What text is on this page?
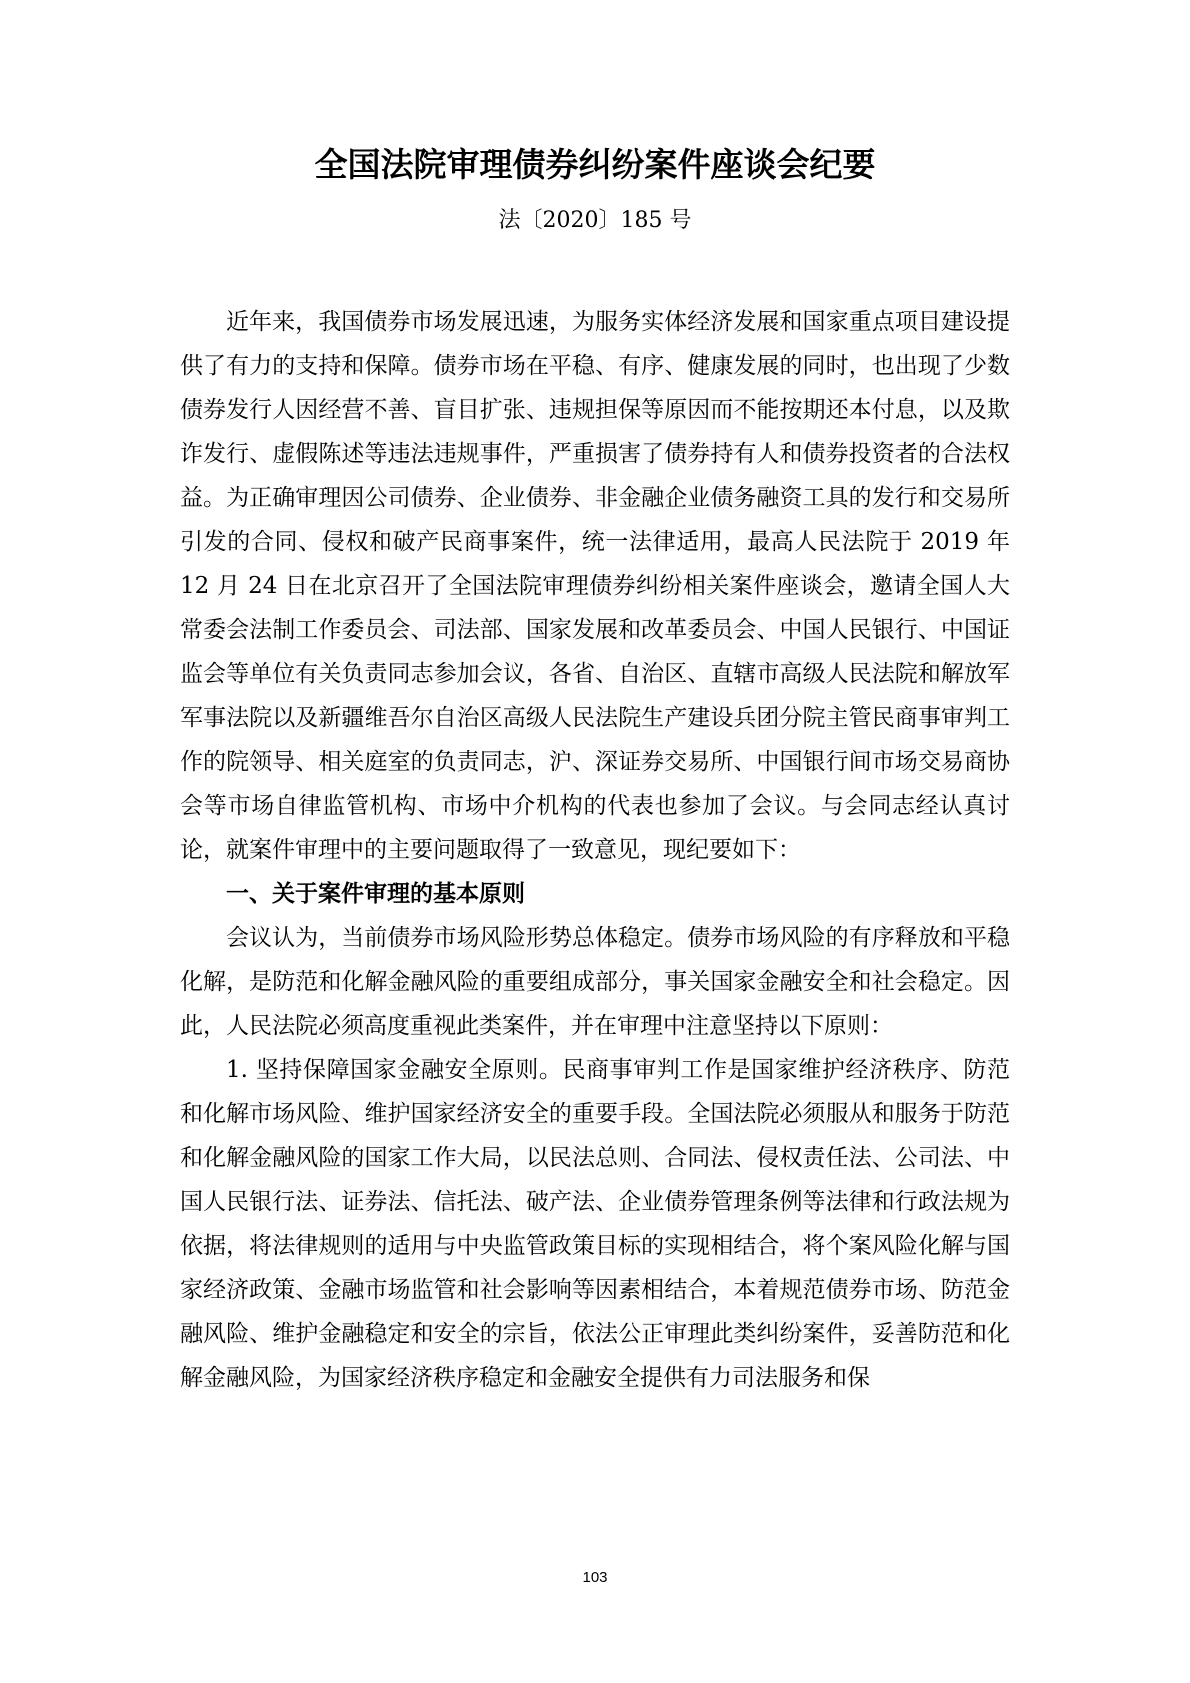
全国法院审理债券纠纷案件座谈会纪要
法〔2020〕185 号

近年来，我国债券市场发展迅速，为服务实体经济发展和国家重点项目建设提供了有力的支持和保障。债券市场在平稳、有序、健康发展的同时，也出现了少数债券发行人因经营不善、盲目扩张、违规担保等原因而不能按期还本付息，以及欺诈发行、虚假陈述等违法违规事件，严重损害了债券持有人和债券投资者的合法权益。为正确审理因公司债券、企业债券、非金融企业债务融资工具的发行和交易所引发的合同、侵权和破产民商事案件，统一法律适用，最高人民法院于 2019 年 12 月 24 日在北京召开了全国法院审理债券纠纷相关案件座谈会，邀请全国人大常委会法制工作委员会、司法部、国家发展和改革委员会、中国人民银行、中国证监会等单位有关负责同志参加会议，各省、自治区、直辖市高级人民法院和解放军军事法院以及新疆维吾尔自治区高级人民法院生产建设兵团分院主管民商事审判工作的院领导、相关庭室的负责同志，沪、深证券交易所、中国银行间市场交易商协会等市场自律监管机构、市场中介机构的代表也参加了会议。与会同志经认真讨论，就案件审理中的主要问题取得了一致意见，现纪要如下：

一、关于案件审理的基本原则

会议认为，当前债券市场风险形势总体稳定。债券市场风险的有序释放和平稳化解，是防范和化解金融风险的重要组成部分，事关国家金融安全和社会稳定。因此，人民法院必须高度重视此类案件，并在审理中注意坚持以下原则：

1. 坚持保障国家金融安全原则。民商事审判工作是国家维护经济秩序、防范和化解市场风险、维护国家经济安全的重要手段。全国法院必须服从和服务于防范和化解金融风险的国家工作大局，以民法总则、合同法、侵权责任法、公司法、中国人民银行法、证券法、信托法、破产法、企业债券管理条例等法律和行政法规为依据，将法律规则的适用与中央监管政策目标的实现相结合，将个案风险化解与国家经济政策、金融市场监管和社会影响等因素相结合，本着规范债券市场、防范金融风险、维护金融稳定和安全的宗旨，依法公正审理此类纠纷案件，妥善防范和化解金融风险，为国家经济秩序稳定和金融安全提供有力司法服务和保

103
